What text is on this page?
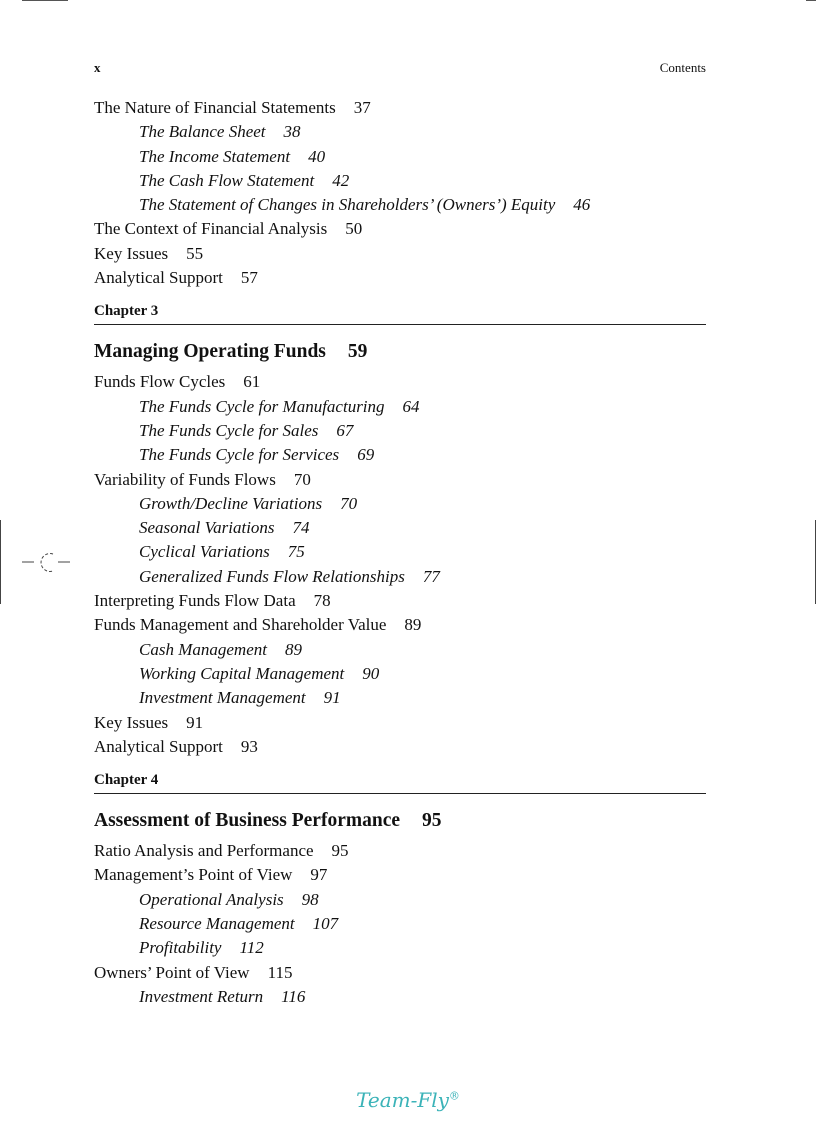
x	Contents
The Nature of Financial Statements 37
The Balance Sheet 38
The Income Statement 40
The Cash Flow Statement 42
The Statement of Changes in Shareholders’ (Owners’) Equity 46
The Context of Financial Analysis 50
Key Issues 55
Analytical Support 57
Chapter 3
Managing Operating Funds 59
Funds Flow Cycles 61
The Funds Cycle for Manufacturing 64
The Funds Cycle for Sales 67
The Funds Cycle for Services 69
Variability of Funds Flows 70
Growth/Decline Variations 70
Seasonal Variations 74
Cyclical Variations 75
Generalized Funds Flow Relationships 77
Interpreting Funds Flow Data 78
Funds Management and Shareholder Value 89
Cash Management 89
Working Capital Management 90
Investment Management 91
Key Issues 91
Analytical Support 93
Chapter 4
Assessment of Business Performance 95
Ratio Analysis and Performance 95
Management’s Point of View 97
Operational Analysis 98
Resource Management 107
Profitability 112
Owners’ Point of View 115
Investment Return 116
Team-Fly®
